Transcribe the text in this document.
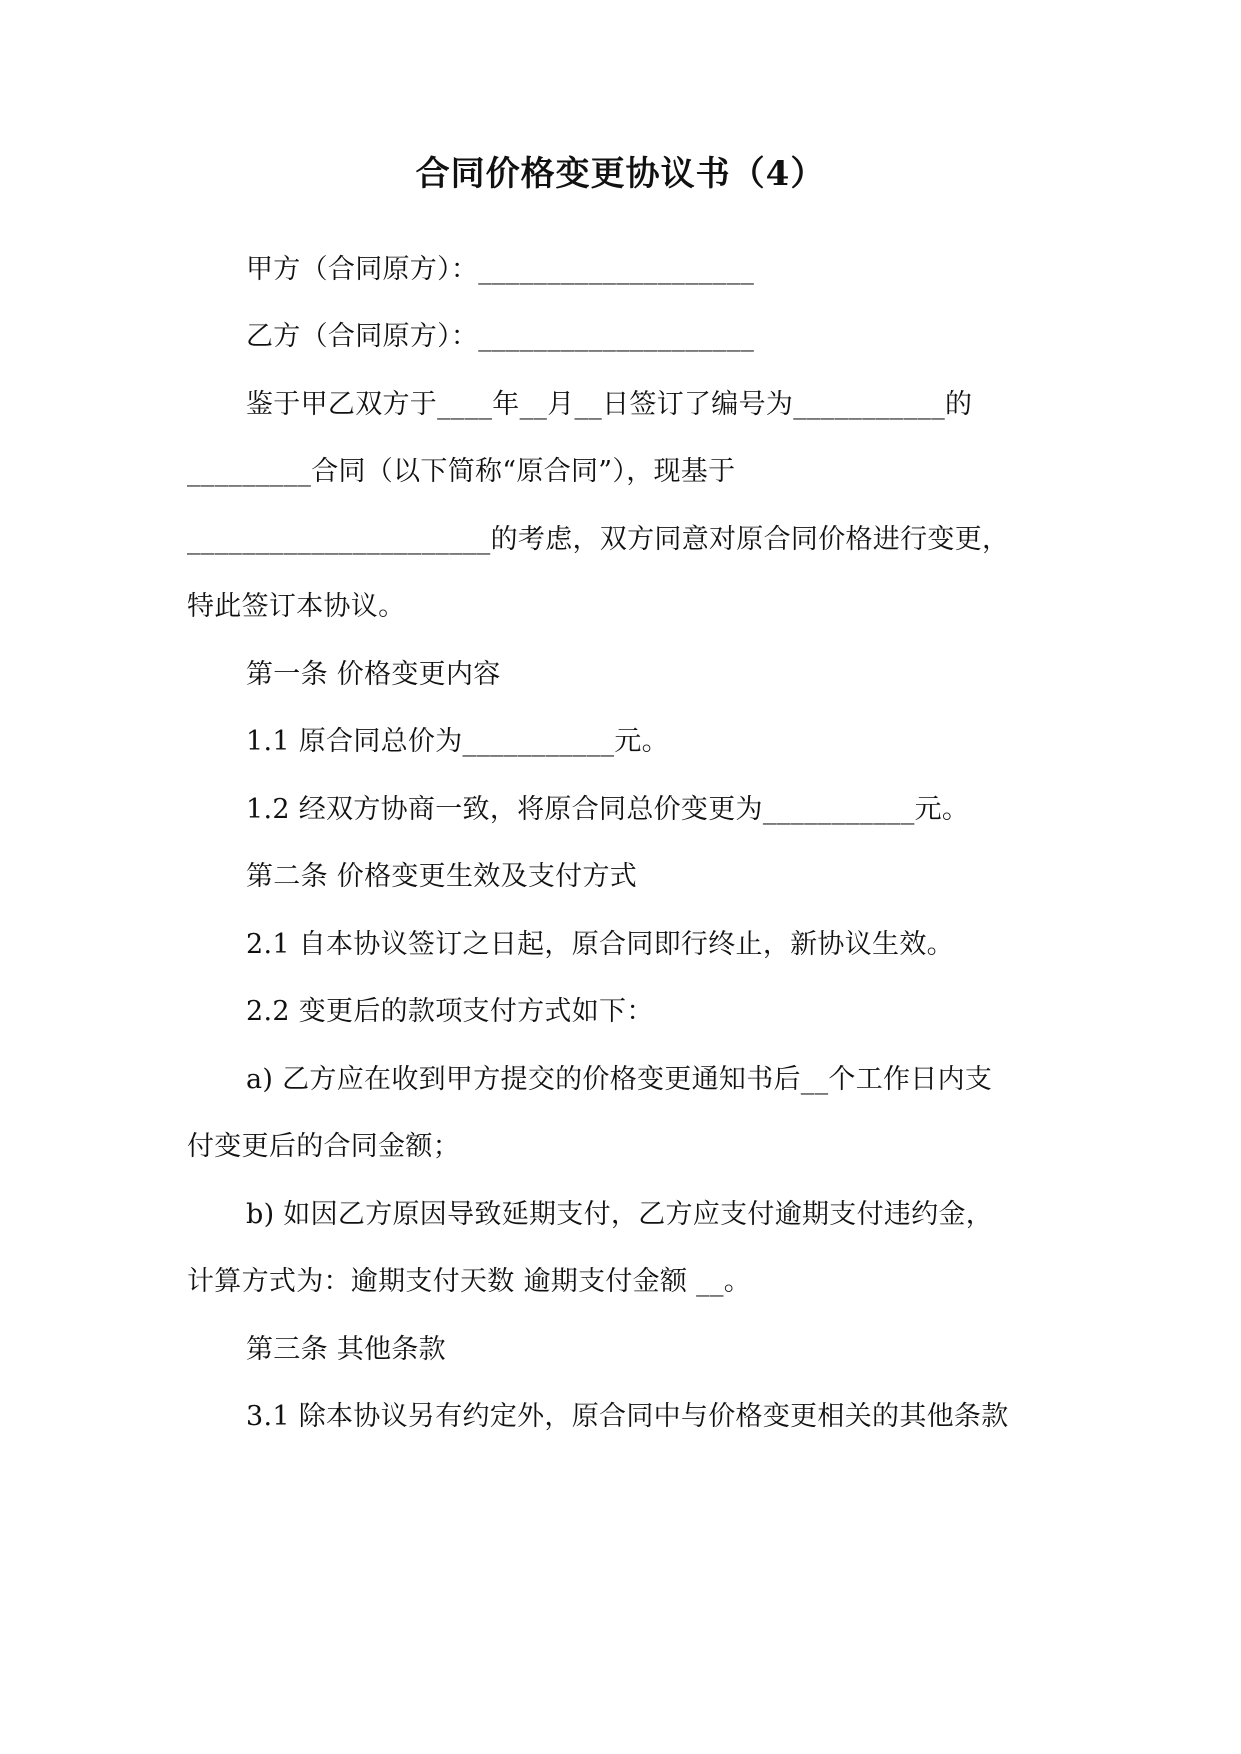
合同价格变更协议书（4）
甲方（合同原方）：____________________
乙方（合同原方）：____________________
鉴于甲乙双方于____年__月__日签订了编号为___________的
_________合同（以下简称“原合同”），现基于
______________________的考虑，双方同意对原合同价格进行变更，
特此签订本协议。
第一条 价格变更内容
1.1 原合同总价为___________元。
1.2 经双方协商一致，将原合同总价变更为___________元。
第二条 价格变更生效及支付方式
2.1 自本协议签订之日起，原合同即行终止，新协议生效。
2.2 变更后的款项支付方式如下：
a) 乙方应在收到甲方提交的价格变更通知书后__个工作日内支
付变更后的合同金额；
b) 如因乙方原因导致延期支付，乙方应支付逾期支付违约金，
计算方式为：逾期支付天数 逾期支付金额 __。
第三条 其他条款
3.1 除本协议另有约定外，原合同中与价格变更相关的其他条款
